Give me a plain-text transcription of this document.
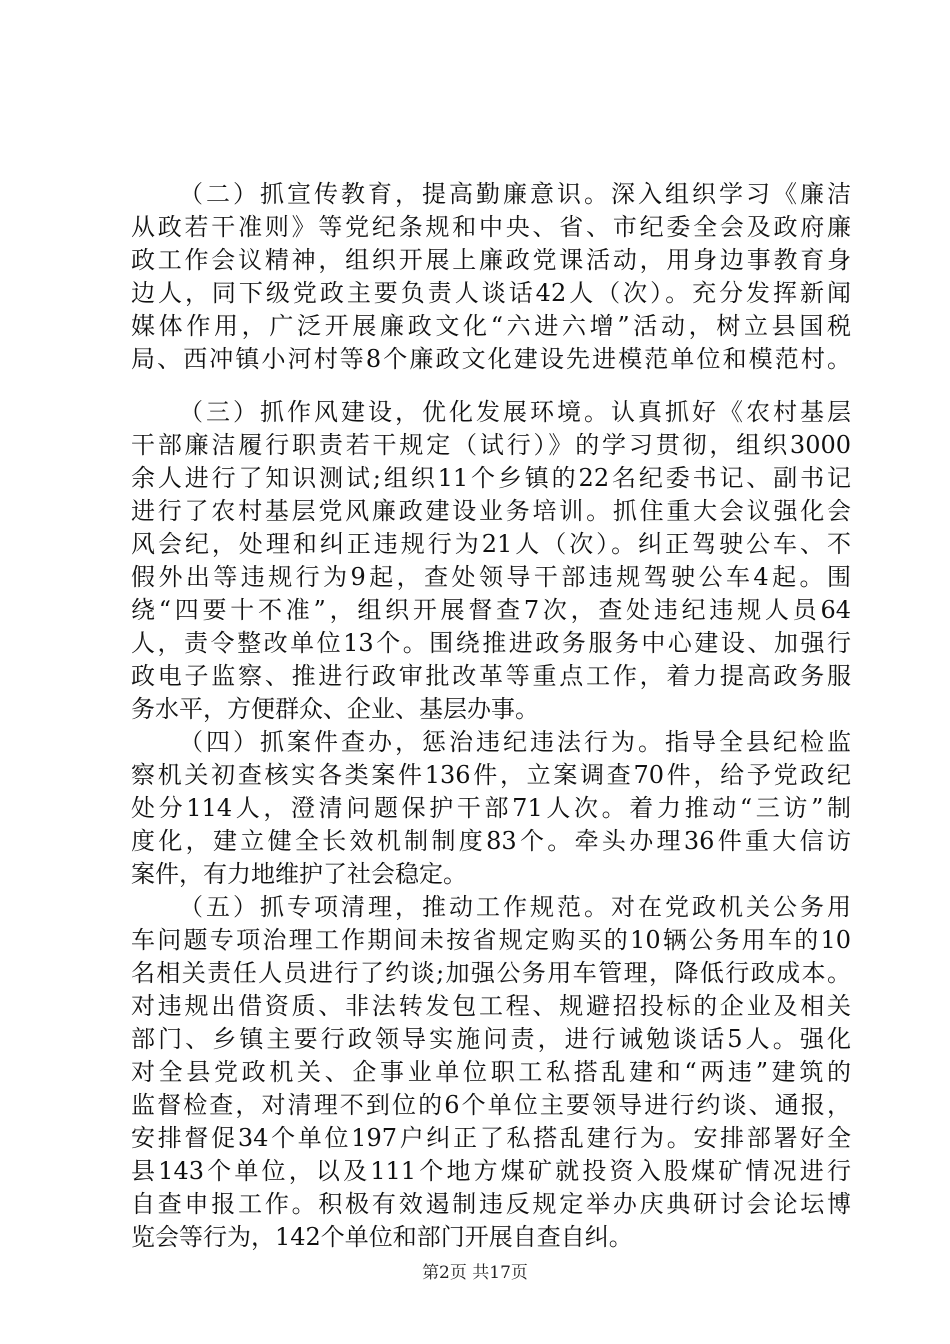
（二）抓宣传教育，提高勤廉意识。深入组织学习《廉洁
从政若干准则》等党纪条规和中央、省、市纪委全会及政府廉
政工作会议精神，组织开展上廉政党课活动，用身边事教育身
边人，同下级党政主要负责人谈话42人（次）。充分发挥新闻
媒体作用，广泛开展廉政文化“六进六增”活动，树立县国税
局、西冲镇小河村等8个廉政文化建设先进模范单位和模范村。
（三）抓作风建设，优化发展环境。认真抓好《农村基层
干部廉洁履行职责若干规定（试行）》的学习贯彻，组织3000
余人进行了知识测试;组织11个乡镇的22名纪委书记、副书记
进行了农村基层党风廉政建设业务培训。抓住重大会议强化会
风会纪，处理和纠正违规行为21人（次）。纠正驾驶公车、不
假外出等违规行为9起，查处领导干部违规驾驶公车4起。围
绕“四要十不准”，组织开展督查7次，查处违纪违规人员64
人，责令整改单位13个。围绕推进政务服务中心建设、加强行
政电子监察、推进行政审批改革等重点工作，着力提高政务服
务水平，方便群众、企业、基层办事。
（四）抓案件查办，惩治违纪违法行为。指导全县纪检监
察机关初查核实各类案件136件，立案调查70件，给予党政纪
处分114人，澄清问题保护干部71人次。着力推动“三访”制
度化，建立健全长效机制制度83个。牵头办理36件重大信访
案件，有力地维护了社会稳定。
（五）抓专项清理，推动工作规范。对在党政机关公务用
车问题专项治理工作期间未按省规定购买的10辆公务用车的10
名相关责任人员进行了约谈;加强公务用车管理，降低行政成本。
对违规出借资质、非法转发包工程、规避招投标的企业及相关
部门、乡镇主要行政领导实施问责，进行诫勉谈话5人。强化
对全县党政机关、企事业单位职工私搭乱建和“两违”建筑的
监督检查，对清理不到位的6个单位主要领导进行约谈、通报，
安排督促34个单位197户纠正了私搭乱建行为。安排部署好全
县143个单位，以及111个地方煤矿就投资入股煤矿情况进行
自查申报工作。积极有效遏制违反规定举办庆典研讨会论坛博
览会等行为，142个单位和部门开展自查自纠。
第2页 共17页
